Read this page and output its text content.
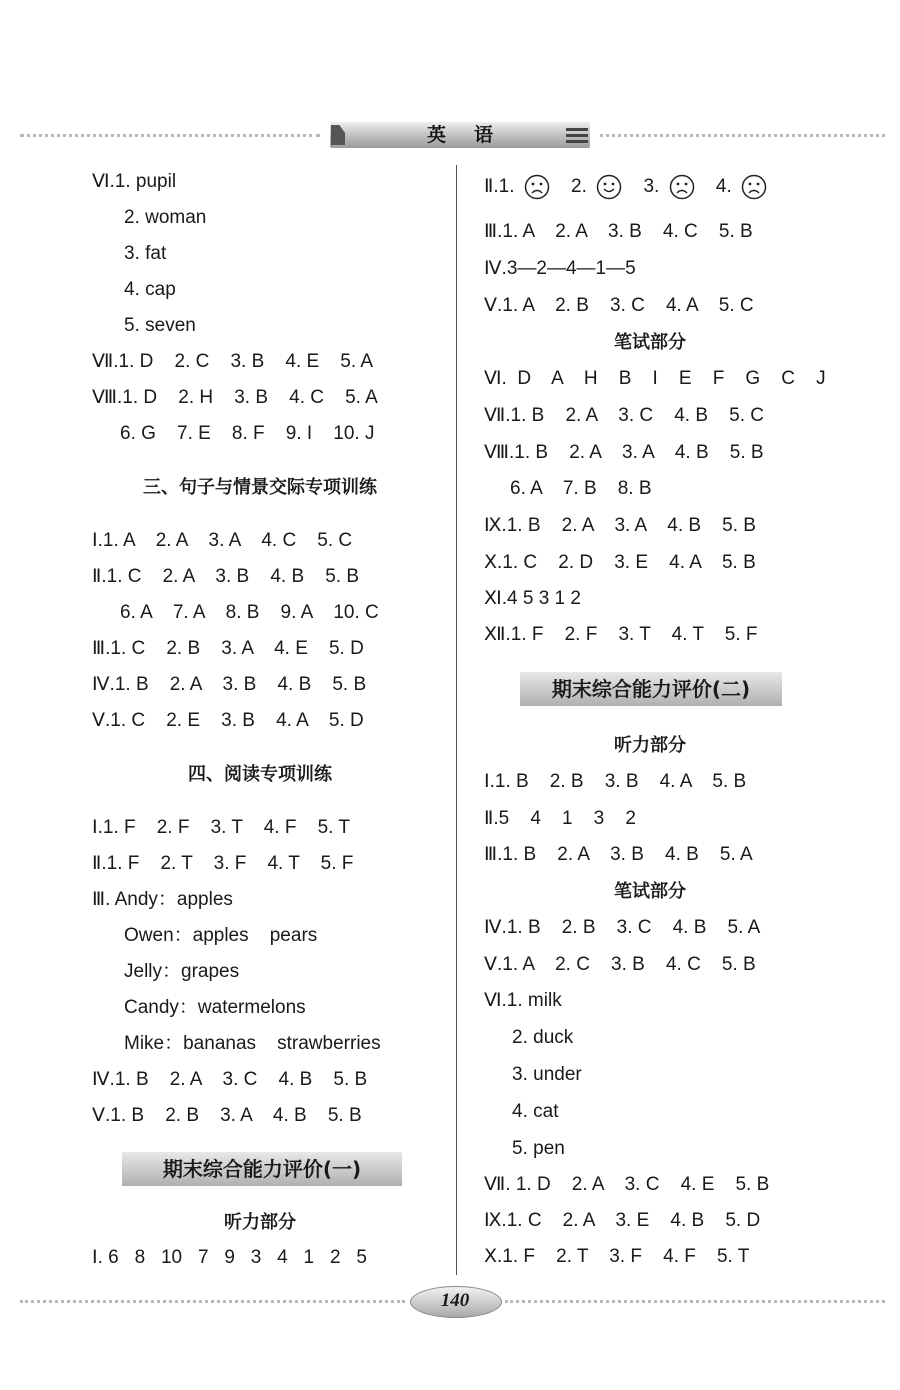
英语
Ⅵ.1. pupil
2. woman
3. fat
4. cap
5. seven
Ⅶ.1. D    2. C    3. B    4. E    5. A
Ⅷ.1. D    2. H    3. B    4. C    5. A
6. G    7. E    8. F    9. I    10. J
三、句子与情景交际专项训练
Ⅰ.1. A    2. A    3. A    4. C    5. C
Ⅱ.1. C    2. A    3. B    4. B    5. B
6. A    7. A    8. B    9. A    10. C
Ⅲ.1. C    2. B    3. A    4. E    5. D
Ⅳ.1. B    2. A    3. B    4. B    5. B
Ⅴ.1. C    2. E    3. B    4. A    5. D
四、阅读专项训练
Ⅰ.1. F    2. F    3. T    4. F    5. T
Ⅱ.1. F    2. T    3. F    4. T    5. F
Ⅲ. Andy：apples
Owen：apples    pears
Jelly：grapes
Candy：watermelons
Mike：bananas    strawberries
Ⅳ.1. B    2. A    3. C    4. B    5. B
Ⅴ.1. B    2. B    3. A    4. B    5. B
期末综合能力评价(一)
听力部分
Ⅰ. 6   8   10   7   9   3   4   1   2   5
Ⅱ.1.	2.	3.	4.
Ⅲ.1. A    2. A    3. B    4. C    5. B
Ⅳ.3—2—4—1—5
Ⅴ.1. A    2. B    3. C    4. A    5. C
笔试部分
Ⅵ.  D    A    H    B    I    E    F    G    C    J
Ⅶ.1. B    2. A    3. C    4. B    5. C
Ⅷ.1. B    2. A    3. A    4. B    5. B
6. A    7. B    8. B
Ⅸ.1. B    2. A    3. A    4. B    5. B
Ⅹ.1. C    2. D    3. E    4. A    5. B
Ⅺ.4 5 3 1 2
Ⅻ.1. F    2. F    3. T    4. T    5. F
期末综合能力评价(二)
听力部分
Ⅰ.1. B    2. B    3. B    4. A    5. B
Ⅱ.5    4    1    3    2
Ⅲ.1. B    2. A    3. B    4. B    5. A
笔试部分
Ⅳ.1. B    2. B    3. C    4. B    5. A
Ⅴ.1. A    2. C    3. B    4. C    5. B
Ⅵ.1. milk
2. duck
3. under
4. cat
5. pen
Ⅶ. 1. D    2. A    3. C    4. E    5. B
Ⅸ.1. C    2. A    3. E    4. B    5. D
Ⅹ.1. F    2. T    3. F    4. F    5. T
140
